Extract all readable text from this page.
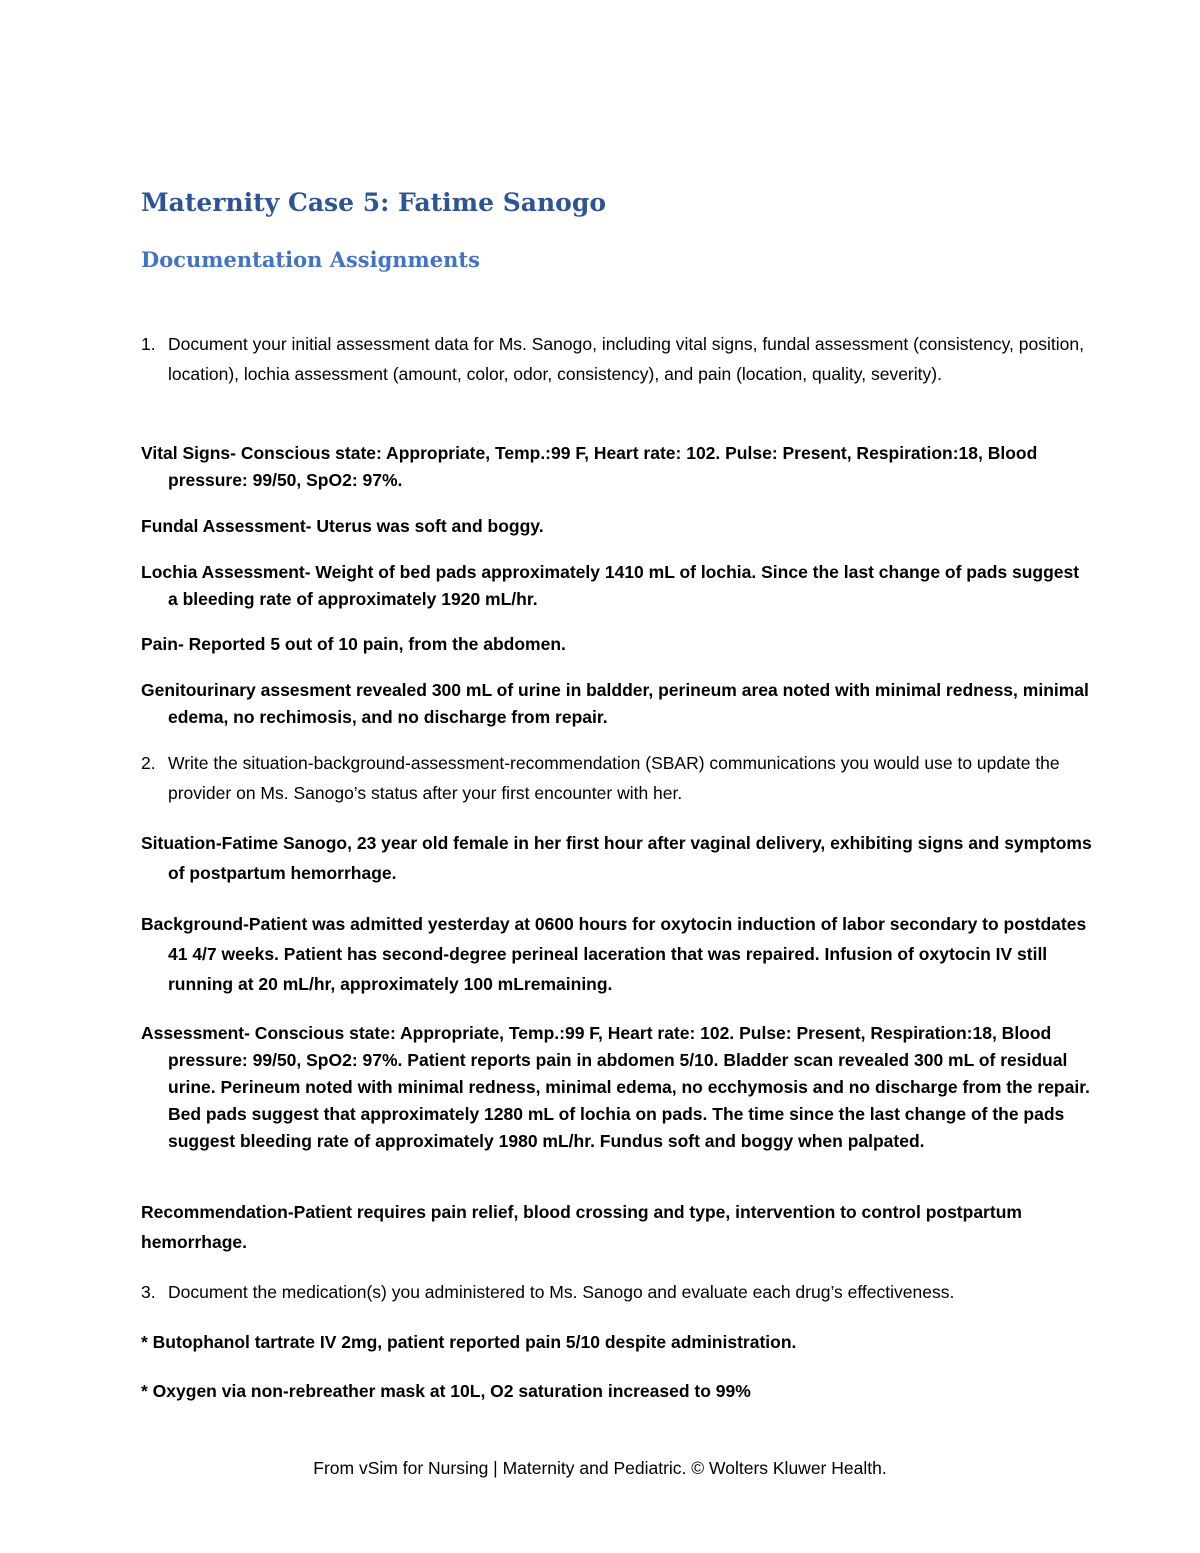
Maternity Case 5: Fatime Sanogo
Documentation Assignments

1. Document your initial assessment data for Ms. Sanogo, including vital signs, fundal assessment (consistency, position, location), lochia assessment (amount, color, odor, consistency), and pain (location, quality, severity).

Vital Signs- Conscious state: Appropriate, Temp.:99 F, Heart rate: 102. Pulse: Present, Respiration:18, Blood pressure: 99/50, SpO2: 97%.

Fundal Assessment- Uterus was soft and boggy.

Lochia Assessment- Weight of bed pads approximately 1410 mL of lochia. Since the last change of pads suggest a bleeding rate of approximately 1920 mL/hr.

Pain- Reported 5 out of 10 pain, from the abdomen.

Genitourinary assesment revealed 300 mL of urine in baldder, perineum area noted with minimal redness, minimal edema, no rechimosis, and no discharge from repair.

2. Write the situation-background-assessment-recommendation (SBAR) communications you would use to update the provider on Ms. Sanogo’s status after your first encounter with her.

Situation-Fatime Sanogo, 23 year old female in her first hour after vaginal delivery, exhibiting signs and symptoms of postpartum hemorrhage.

Background-Patient was admitted yesterday at 0600 hours for oxytocin induction of labor secondary to postdates 41 4/7 weeks. Patient has second-degree perineal laceration that was repaired. Infusion of oxytocin IV still running at 20 mL/hr, approximately 100 mLremaining.

Assessment- Conscious state: Appropriate, Temp.:99 F, Heart rate: 102. Pulse: Present, Respiration:18, Blood pressure: 99/50, SpO2: 97%. Patient reports pain in abdomen 5/10. Bladder scan revealed 300 mL of residual urine. Perineum noted with minimal redness, minimal edema, no ecchymosis and no discharge from the repair. Bed pads suggest that approximately 1280 mL of lochia on pads. The time since the last change of the pads suggest bleeding rate of approximately 1980 mL/hr. Fundus soft and boggy when palpated.

Recommendation-Patient requires pain relief, blood crossing and type, intervention to control postpartum hemorrhage.

3. Document the medication(s) you administered to Ms. Sanogo and evaluate each drug’s effectiveness.

* Butophanol tartrate IV 2mg, patient reported pain 5/10 despite administration.

* Oxygen via non-rebreather mask at 10L, O2 saturation increased to 99%

From vSim for Nursing | Maternity and Pediatric. © Wolters Kluwer Health.
